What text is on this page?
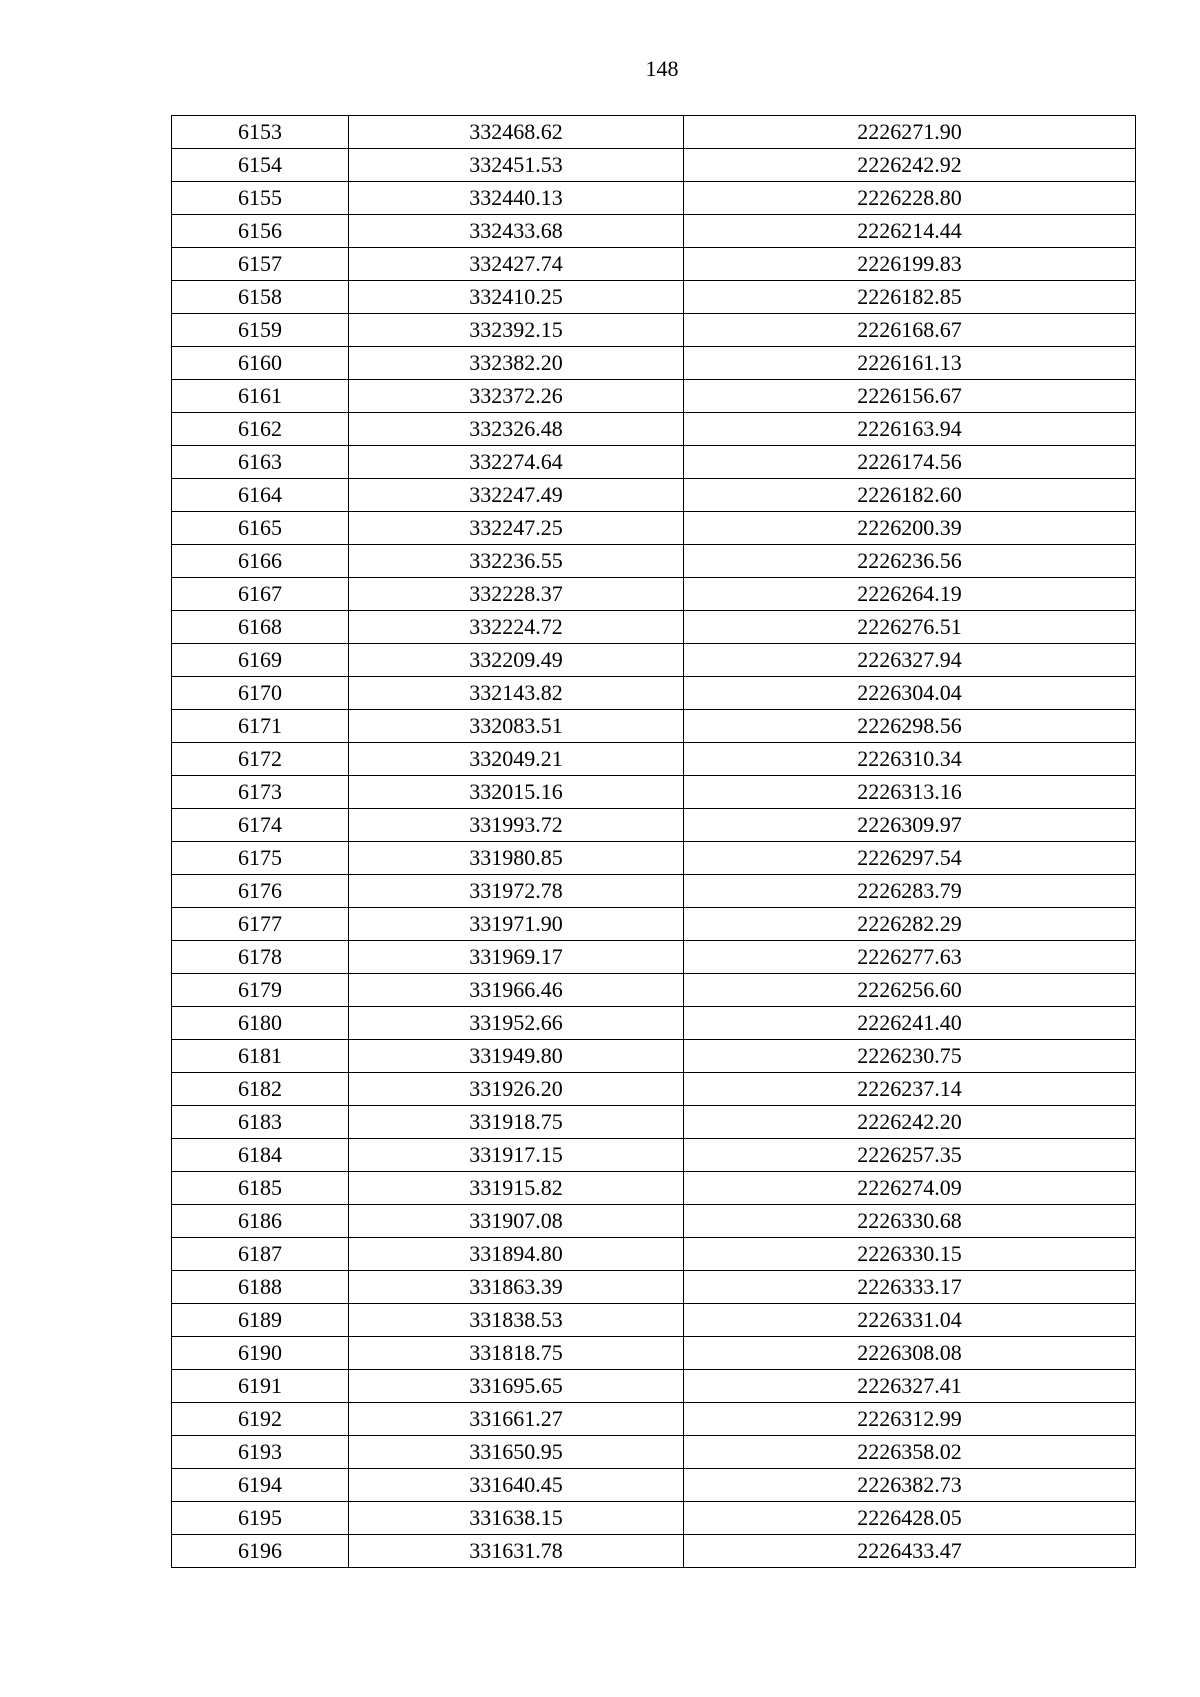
148
6153	332468.62	2226271.90
6154	332451.53	2226242.92
6155	332440.13	2226228.80
6156	332433.68	2226214.44
6157	332427.74	2226199.83
6158	332410.25	2226182.85
6159	332392.15	2226168.67
6160	332382.20	2226161.13
6161	332372.26	2226156.67
6162	332326.48	2226163.94
6163	332274.64	2226174.56
6164	332247.49	2226182.60
6165	332247.25	2226200.39
6166	332236.55	2226236.56
6167	332228.37	2226264.19
6168	332224.72	2226276.51
6169	332209.49	2226327.94
6170	332143.82	2226304.04
6171	332083.51	2226298.56
6172	332049.21	2226310.34
6173	332015.16	2226313.16
6174	331993.72	2226309.97
6175	331980.85	2226297.54
6176	331972.78	2226283.79
6177	331971.90	2226282.29
6178	331969.17	2226277.63
6179	331966.46	2226256.60
6180	331952.66	2226241.40
6181	331949.80	2226230.75
6182	331926.20	2226237.14
6183	331918.75	2226242.20
6184	331917.15	2226257.35
6185	331915.82	2226274.09
6186	331907.08	2226330.68
6187	331894.80	2226330.15
6188	331863.39	2226333.17
6189	331838.53	2226331.04
6190	331818.75	2226308.08
6191	331695.65	2226327.41
6192	331661.27	2226312.99
6193	331650.95	2226358.02
6194	331640.45	2226382.73
6195	331638.15	2226428.05
6196	331631.78	2226433.47
